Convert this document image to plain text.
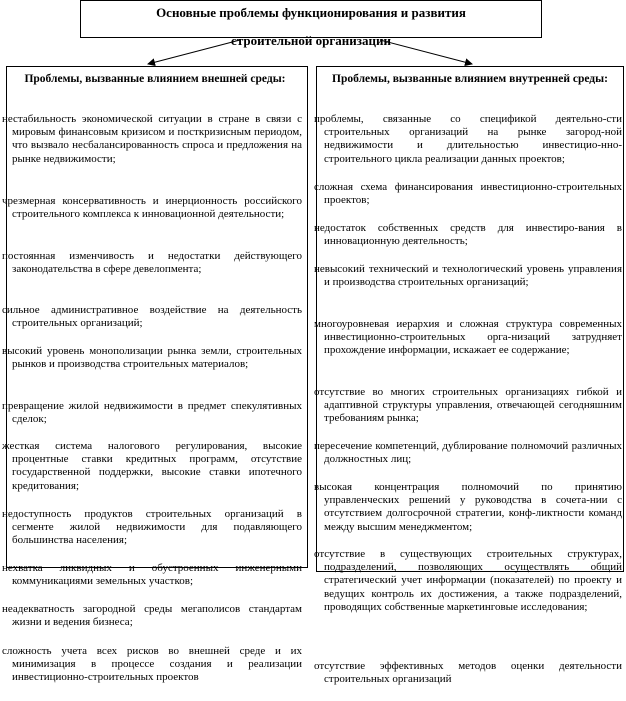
Основные проблемы функционирования и развития
строительной организации
Проблемы, вызванные влиянием внешней среды:	Проблемы, вызванные влиянием внутренней среды:
нестабильность экономической ситуации в стране в связи с мировым финансовым кризисом и посткризисным периодом, что вызвало несбалансированность спроса и предложения на рынке недвижимости;
чрезмерная консервативность и инерционность российского строительного комплекса к инновационной деятельности;
постоянная изменчивость и недостатки действующего законодательства в сфере девелопмента;
сильное административное воздействие на деятельность строительных организаций;
высокий уровень монополизации рынка земли, строительных рынков и производства строительных материалов;
превращение жилой недвижимости в предмет спекулятивных сделок;
жесткая система налогового регулирования, высокие процентные ставки кредитных программ, отсутствие государственной поддержки, высокие ставки ипотечного кредитования;
недоступность продуктов строительных организаций в сегменте жилой недвижимости для подавляющего большинства населения;
нехватка ликвидных и обустроенных инженерными коммуникациями земельных участков;
неадекватность загородной среды мегаполисов стандартам жизни и ведения бизнеса;
сложность учета всех рисков во внешней среде и их минимизация в процессе создания и реализации инвестиционно-строительных проектов
проблемы, связанные со спецификой деятельно-сти строительных организаций на рынке загород-ной недвижимости и длительностью инвестицио-нно-строительного цикла реализации данных проектов;
сложная схема финансирования инвестиционно-строительных проектов;
недостаток собственных средств для инвестиро-вания в инновационную деятельность;
невысокий технический и технологический уровень управления и производства строительных организаций;
многоуровневая иерархия и сложная структура современных инвестиционно-строительных орга-низаций затрудняет прохождение информации, искажает ее содержание;
отсутствие во многих строительных организациях гибкой и адаптивной структуры управления, отвечающей сегодняшним требованиям рынка;
пересечение компетенций, дублирование полномочий различных должностных лиц;
высокая концентрация полномочий по принятию управленческих решений у руководства в сочета-нии с отсутствием долгосрочной стратегии, конф-ликтности команд между высшим менеджментом;
отсутствие в существующих строительных структурах, подразделений, позволяющих осуществлять общий стратегический учет информации (показателей) по проекту и ведущих контроль их достижения, а также подразделений, проводящих собственные маркетинговые исследования;
отсутствие эффективных методов оценки деятельности строительных организаций
